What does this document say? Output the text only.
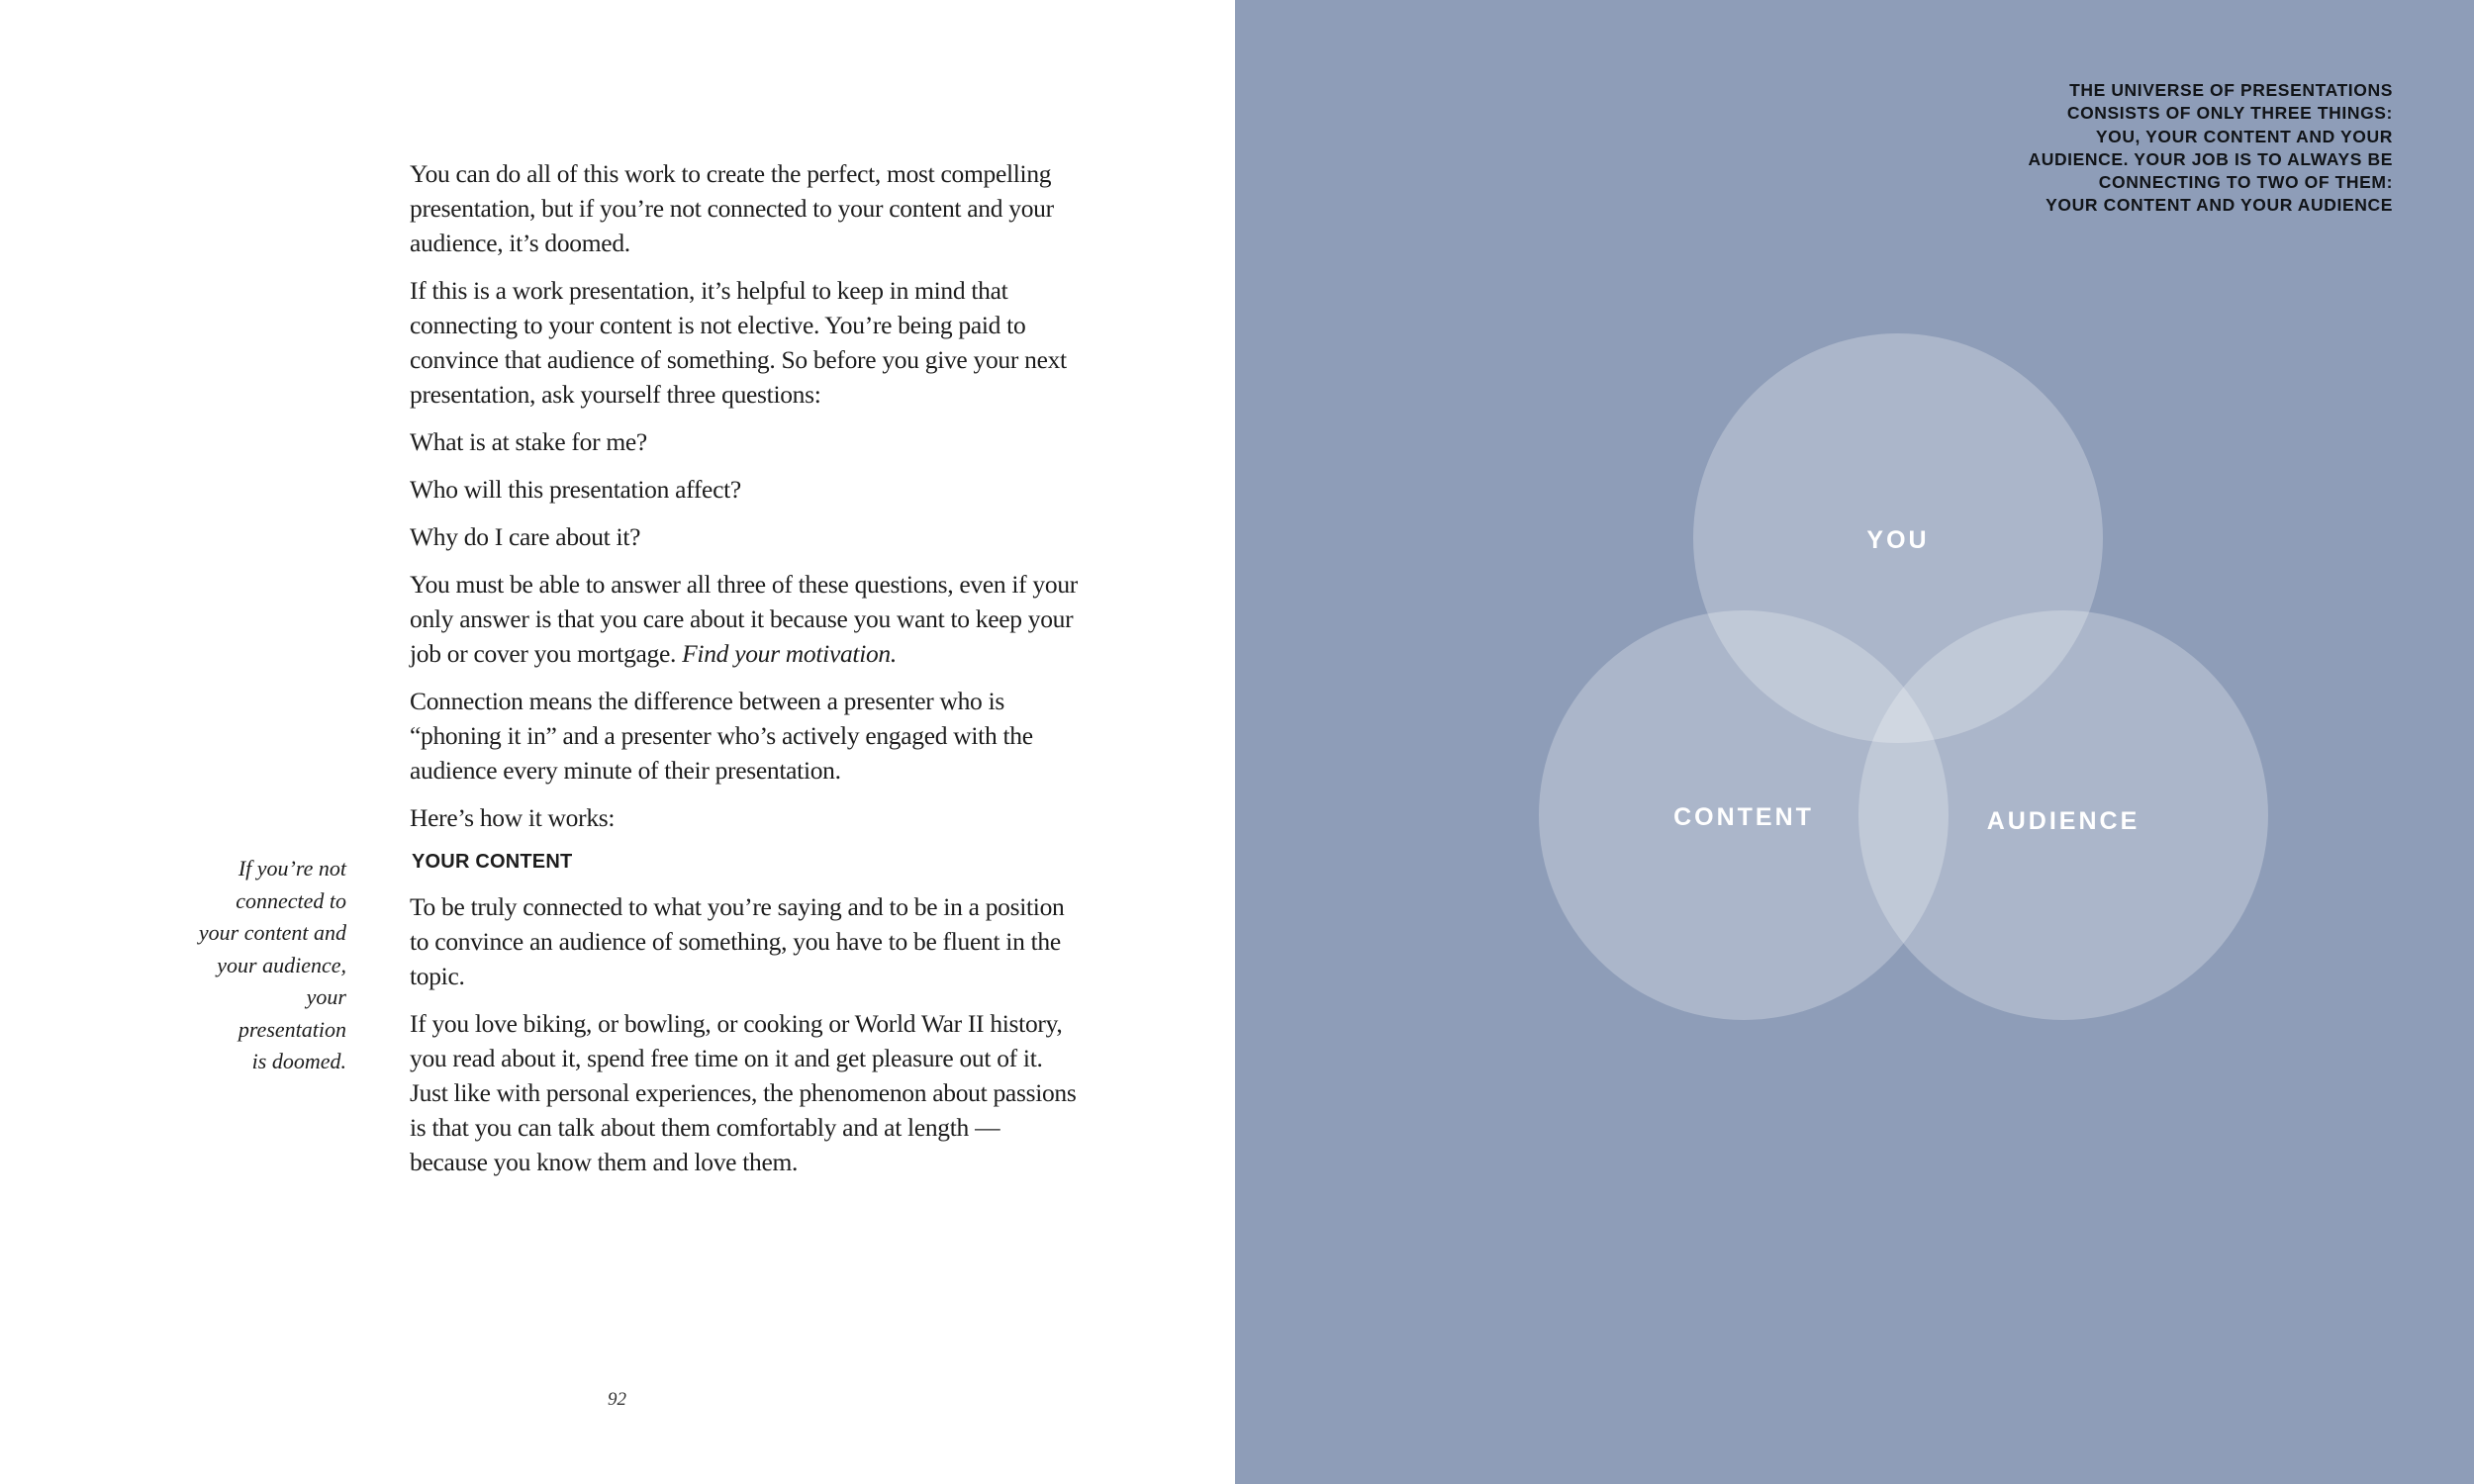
You can do all of this work to create the perfect, most compelling presentation, but if you’re not connected to your content and your audience, it’s doomed.

If this is a work presentation, it’s helpful to keep in mind that connecting to your content is not elective. You’re being paid to convince that audience of something. So before you give your next presentation, ask yourself three questions:

What is at stake for me?

Who will this presentation affect?

Why do I care about it?

You must be able to answer all three of these questions, even if your only answer is that you care about it because you want to keep your job or cover you mortgage. Find your motivation.

Connection means the difference between a presenter who is “phoning it in” and a presenter who’s actively engaged with the audience every minute of their presentation.

Here’s how it works:

YOUR CONTENT

To be truly connected to what you’re saying and to be in a position to convince an audience of something, you have to be fluent in the topic.

If you love biking, or bowling, or cooking or World War II history, you read about it, spend free time on it and get pleasure out of it. Just like with personal experiences, the phenomenon about passions is that you can talk about them comfortably and at length — because you know them and love them.

If you’re not
connected to
your content and
your audience,
your
presentation
is doomed.
92
THE UNIVERSE OF PRESENTATIONS
CONSISTS OF ONLY THREE THINGS:
YOU, YOUR CONTENT AND YOUR
AUDIENCE. YOUR JOB IS TO ALWAYS BE
CONNECTING TO TWO OF THEM:
YOUR CONTENT AND YOUR AUDIENCE
YOU
CONTENT	AUDIENCE
